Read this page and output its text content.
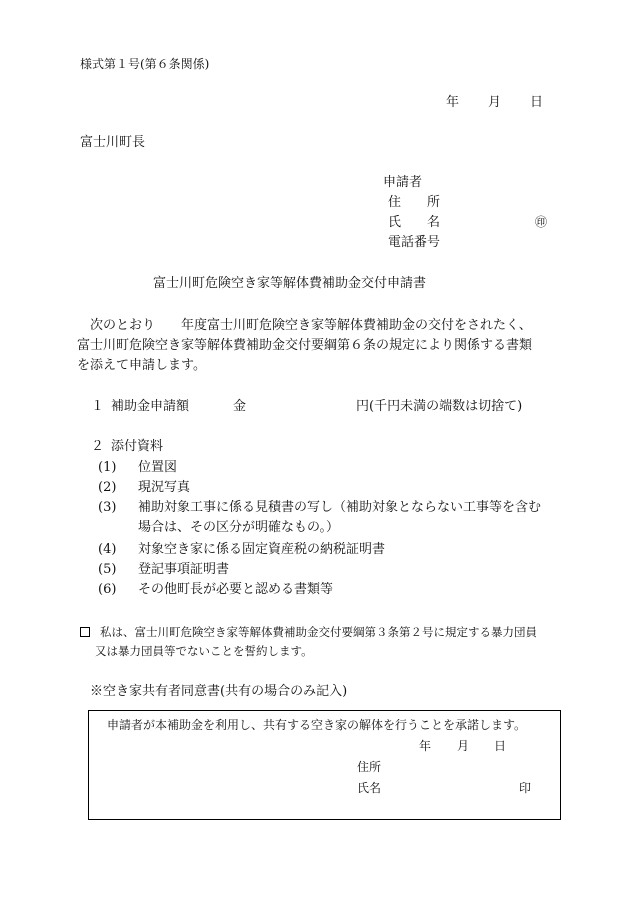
様式第１号(第６条関係)
年 月 日
富士川町長
申請者
住　　所
氏　　名	㊞
電話番号
富士川町危険空き家等解体費補助金交付申請書
次のとおり　　年度富士川町危険空き家等解体費補助金の交付をされたく、
富士川町危険空き家等解体費補助金交付要綱第６条の規定により関係する書類
を添えて申請します。
１ 補助金申請額	金	円(千円未満の端数は切捨て)
２ 添付資料
(1) 位置図
(2) 現況写真
(3) 補助対象工事に係る見積書の写し（補助対象とならない工事等を含む
場合は、その区分が明確なもの。）
(4) 対象空き家に係る固定資産税の納税証明書
(5) 登記事項証明書
(6) その他町長が必要と認める書類等
私は、富士川町危険空き家等解体費補助金交付要綱第３条第２号に規定する暴力団員
又は暴力団員等でないことを誓約します。
※空き家共有者同意書(共有の場合のみ記入)
申請者が本補助金を利用し、共有する空き家の解体を行うことを承諾します。
年 月 日
住所
氏名	印
